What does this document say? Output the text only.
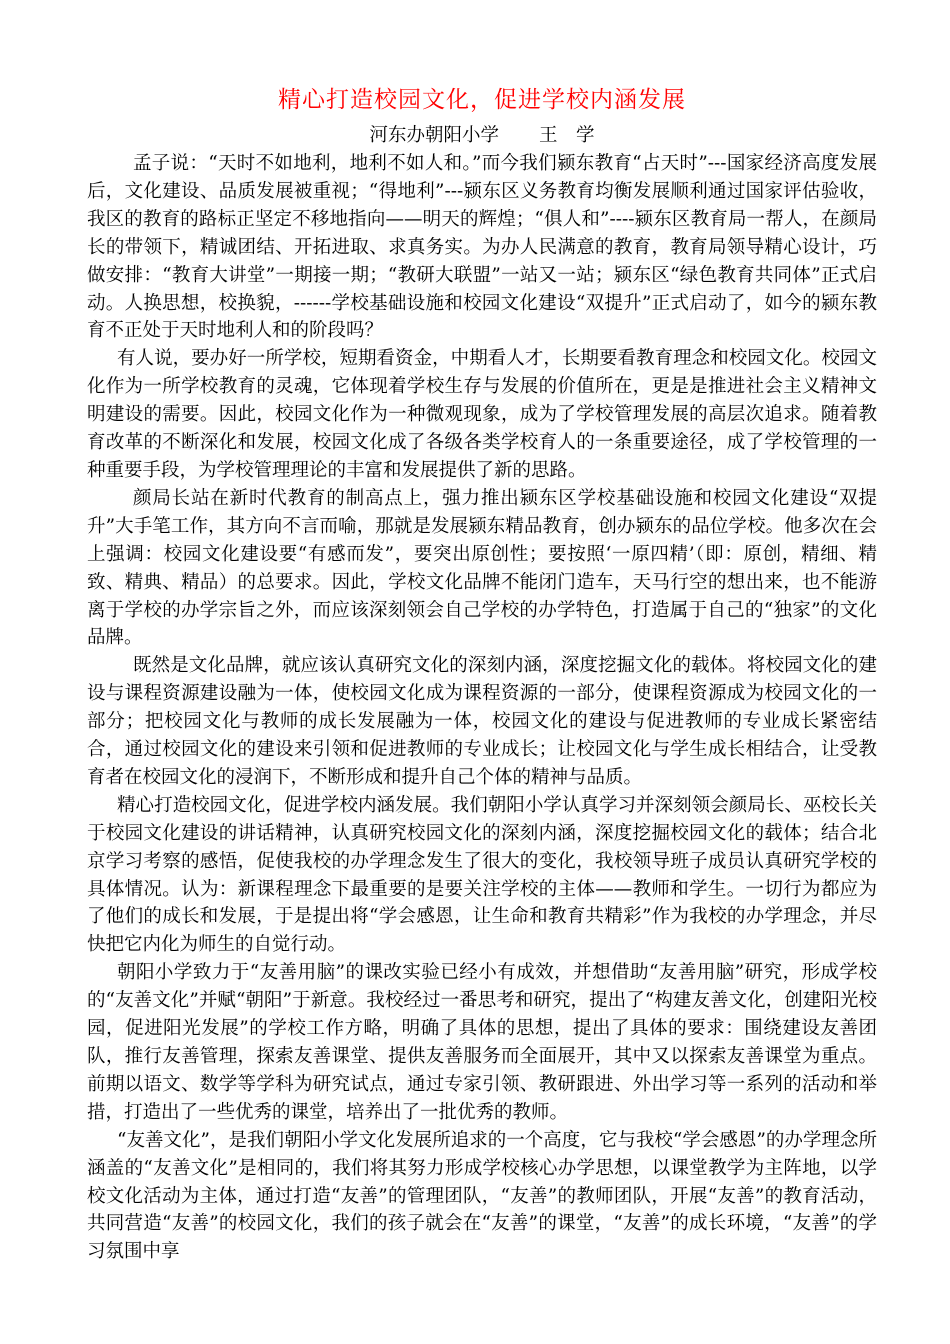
精心打造校园文化，促进学校内涵发展

河东办朝阳小学 王　学

孟子说：“天时不如地利，地利不如人和。”而今我们颍东教育“占天时”---国家经济高度发展后，文化建设、品质发展被重视；“得地利”---颍东区义务教育均衡发展顺利通过国家评估验收，我区的教育的路标正坚定不移地指向——明天的辉煌；“俱人和”----颍东区教育局一帮人，在颜局长的带领下，精诚团结、开拓进取、求真务实。为办人民满意的教育，教育局领导精心设计，巧做安排：“教育大讲堂”一期接一期；“教研大联盟”一站又一站；颍东区“绿色教育共同体”正式启动。人换思想，校换貌，------学校基础设施和校园文化建设“双提升”正式启动了，如今的颍东教育不正处于天时地利人和的阶段吗？

有人说，要办好一所学校，短期看资金，中期看人才，长期要看教育理念和校园文化。校园文化作为一所学校教育的灵魂，它体现着学校生存与发展的价值所在，更是是推进社会主义精神文明建设的需要。因此，校园文化作为一种微观现象，成为了学校管理发展的高层次追求。随着教育改革的不断深化和发展，校园文化成了各级各类学校育人的一条重要途径，成了学校管理的一种重要手段，为学校管理理论的丰富和发展提供了新的思路。

颜局长站在新时代教育的制高点上，强力推出颍东区学校基础设施和校园文化建设“双提升”大手笔工作，其方向不言而喻，那就是发展颍东精品教育，创办颍东的品位学校。他多次在会上强调：校园文化建设要“有感而发”，要突出原创性；要按照‘一原四精’（即：原创，精细、精致、精典、精品）的总要求。因此，学校文化品牌不能闭门造车，天马行空的想出来，也不能游离于学校的办学宗旨之外，而应该深刻领会自己学校的办学特色，打造属于自己的“独家”的文化品牌。

既然是文化品牌，就应该认真研究文化的深刻内涵，深度挖掘文化的载体。将校园文化的建设与课程资源建设融为一体，使校园文化成为课程资源的一部分，使课程资源成为校园文化的一部分；把校园文化与教师的成长发展融为一体，校园文化的建设与促进教师的专业成长紧密结合，通过校园文化的建设来引领和促进教师的专业成长；让校园文化与学生成长相结合，让受教育者在校园文化的浸润下，不断形成和提升自己个体的精神与品质。

精心打造校园文化，促进学校内涵发展。我们朝阳小学认真学习并深刻领会颜局长、巫校长关于校园文化建设的讲话精神，认真研究校园文化的深刻内涵，深度挖掘校园文化的载体；结合北京学习考察的感悟，促使我校的办学理念发生了很大的变化，我校领导班子成员认真研究学校的具体情况。认为：新课程理念下最重要的是要关注学校的主体——教师和学生。一切行为都应为了他们的成长和发展，于是提出将“学会感恩，让生命和教育共精彩”作为我校的办学理念，并尽快把它内化为师生的自觉行动。

朝阳小学致力于“友善用脑”的课改实验已经小有成效，并想借助“友善用脑”研究，形成学校的“友善文化”并赋“朝阳”于新意。我校经过一番思考和研究，提出了“构建友善文化，创建阳光校园，促进阳光发展”的学校工作方略，明确了具体的思想，提出了具体的要求：围绕建设友善团队，推行友善管理，探索友善课堂、提供友善服务而全面展开，其中又以探索友善课堂为重点。前期以语文、数学等学科为研究试点，通过专家引领、教研跟进、外出学习等一系列的活动和举措，打造出了一些优秀的课堂，培养出了一批优秀的教师。

“友善文化”，是我们朝阳小学文化发展所追求的一个高度，它与我校“学会感恩”的办学理念所涵盖的“友善文化”是相同的，我们将其努力形成学校核心办学思想，以课堂教学为主阵地，以学校文化活动为主体，通过打造“友善”的管理团队，“友善”的教师团队，开展“友善”的教育活动，共同营造“友善”的校园文化，我们的孩子就会在“友善”的课堂，“友善”的成长环境，“友善”的学习氛围中享
